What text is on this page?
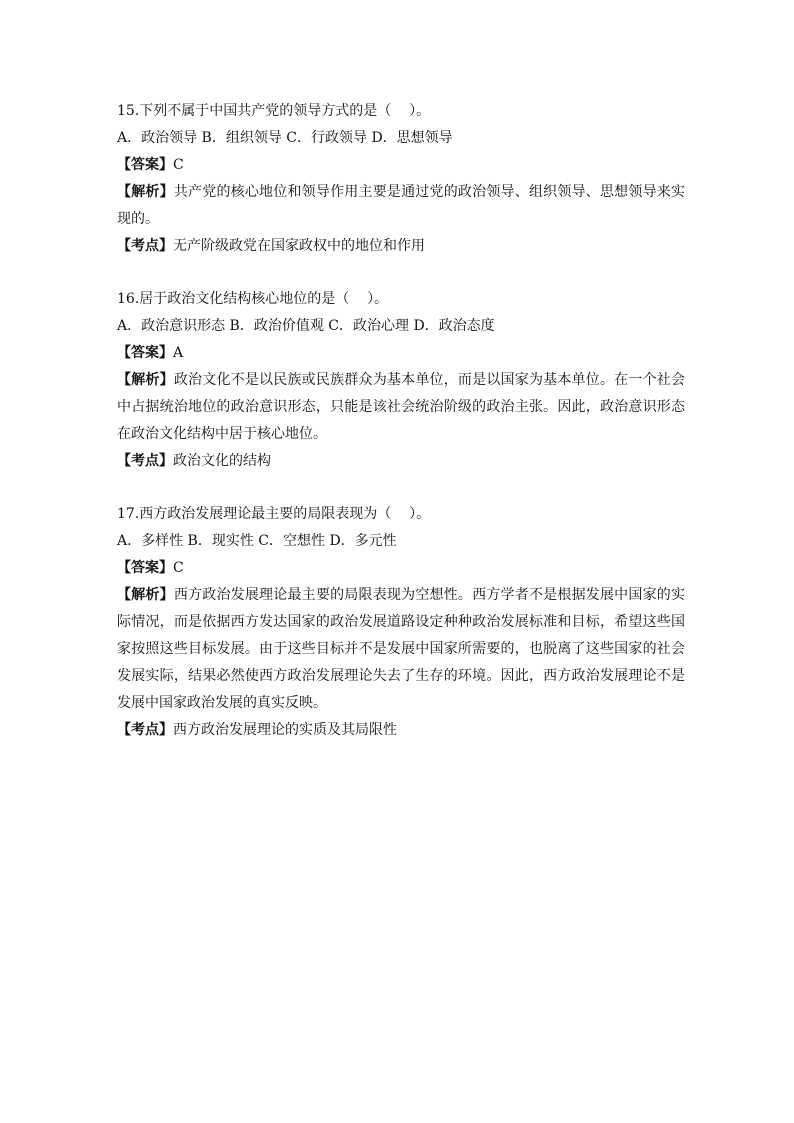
15.下列不属于中国共产党的领导方式的是（    ）。

A．政治领导 B．组织领导 C．行政领导 D．思想领导

【答案】C

【解析】共产党的核心地位和领导作用主要是通过党的政治领导、组织领导、思想领导来实现的。

【考点】无产阶级政党在国家政权中的地位和作用

16.居于政治文化结构核心地位的是（    ）。

A．政治意识形态 B．政治价值观 C．政治心理 D．政治态度

【答案】A

【解析】政治文化不是以民族或民族群众为基本单位，而是以国家为基本单位。在一个社会中占据统治地位的政治意识形态，只能是该社会统治阶级的政治主张。因此，政治意识形态在政治文化结构中居于核心地位。

【考点】政治文化的结构

17.西方政治发展理论最主要的局限表现为（    ）。

A．多样性 B．现实性 C．空想性 D．多元性

【答案】C

【解析】西方政治发展理论最主要的局限表现为空想性。西方学者不是根据发展中国家的实际情况，而是依据西方发达国家的政治发展道路设定种种政治发展标准和目标，希望这些国家按照这些目标发展。由于这些目标并不是发展中国家所需要的，也脱离了这些国家的社会发展实际，结果必然使西方政治发展理论失去了生存的环境。因此，西方政治发展理论不是发展中国家政治发展的真实反映。

【考点】西方政治发展理论的实质及其局限性
